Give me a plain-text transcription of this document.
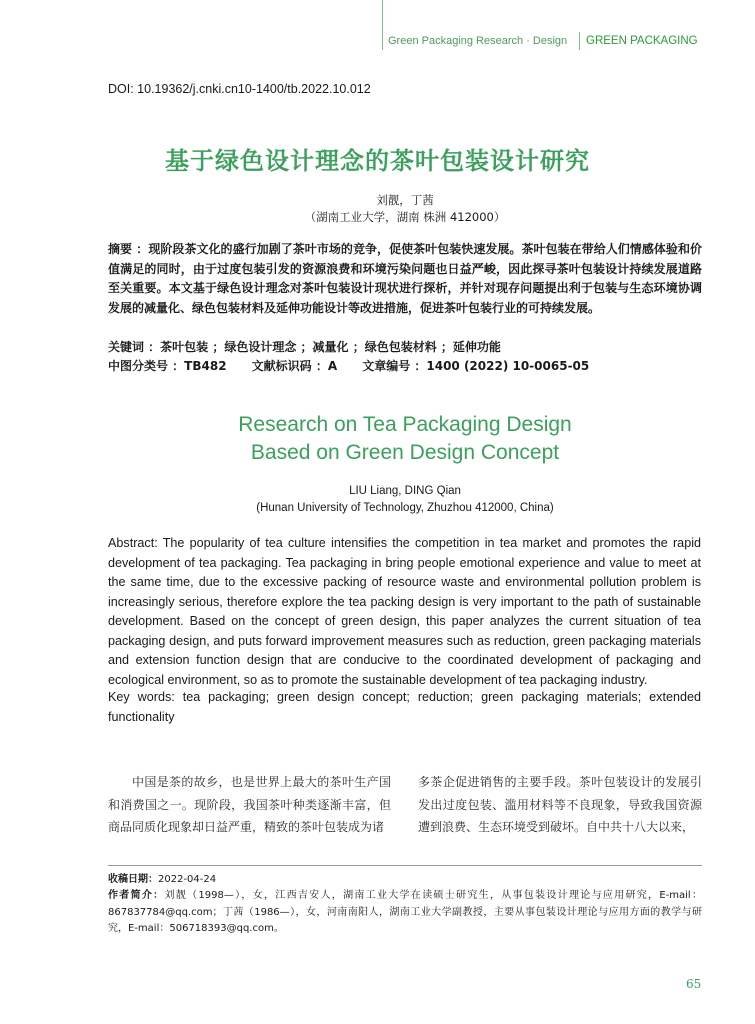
Green Packaging Research · Design GREEN PACKAGING
DOI: 10.19362/j.cnki.cn10-1400/tb.2022.10.012
基于绿色设计理念的茶叶包装设计研究
刘靓，丁茜
（湖南工业大学，湖南 株洲 412000）
摘要 ：现阶段茶文化的盛行加剧了茶叶市场的竞争，促使茶叶包装快速发展。茶叶包装在带给人们情感体验和价值满足的同时，由于过度包装引发的资源浪费和环境污染问题也日益严峻，因此探寻茶叶包装设计持续发展道路至关重要。本文基于绿色设计理念对茶叶包装设计现状进行探析，并针对现存问题提出利于包装与生态环境协调发展的减量化、绿色包装材料及延伸功能设计等改进措施，促进茶叶包装行业的可持续发展。
关键词 ：茶叶包装 ；绿色设计理念 ；减量化 ；绿色包装材料 ；延伸功能
中图分类号 ：TB482 文献标识码 ：A 文章编号 ：1400 (2022) 10-0065-05
Research on Tea Packaging Design
Based on Green Design Concept
LIU Liang, DING Qian
(Hunan University of Technology, Zhuzhou 412000, China)
Abstract: The popularity of tea culture intensifies the competition in tea market and promotes the rapid development of tea packaging. Tea packaging in bring people emotional experience and value to meet at the same time, due to the excessive packing of resource waste and environmental pollution problem is increasingly serious, therefore explore the tea packing design is very important to the path of sustainable development. Based on the concept of green design, this paper analyzes the current situation of tea packaging design, and puts forward improvement measures such as reduction, green packaging materials and extension function design that are conducive to the coordinated development of packaging and ecological environment, so as to promote the sustainable development of tea packaging industry.
Key words: tea packaging; green design concept; reduction; green packaging materials; extended functionality
中国是茶的故乡，也是世界上最大的茶叶生产国和消费国之一。现阶段，我国茶叶种类逐渐丰富，但商品同质化现象却日益严重，精致的茶叶包装成为诸
多茶企促进销售的主要手段。茶叶包装设计的发展引发出过度包装、滥用材料等不良现象，导致我国资源遭到浪费、生态环境受到破坏。自中共十八大以来，
收稿日期：2022-04-24
作者简介：刘靓（1998—），女，江西吉安人，湖南工业大学在读硕士研究生，从事包装设计理论与应用研究，E-mail：867837784@qq.com；丁茜（1986—），女，河南南阳人，湖南工业大学副教授，主要从事包装设计理论与应用方面的教学与研究，E-mail：506718393@qq.com。
65
